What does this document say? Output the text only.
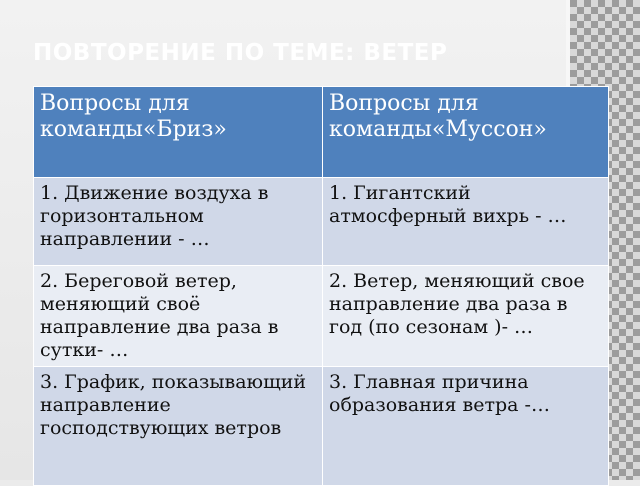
ПОВТОРЕНИЕ ПО ТЕМЕ: ВЕТЕР
Вопросы для команды«Бриз»	Вопросы для команды«Муссон»

1. Движение воздуха в горизонтальном направлении - …	1. Гигантский атмосферный вихрь - …

2. Береговой ветер, меняющий своё направление два раза в сутки- …	2. Ветер, меняющий свое направление два раза в год (по сезонам )- …

3. График, показывающий направление господствующих ветров	3. Главная причина образования ветра -…
